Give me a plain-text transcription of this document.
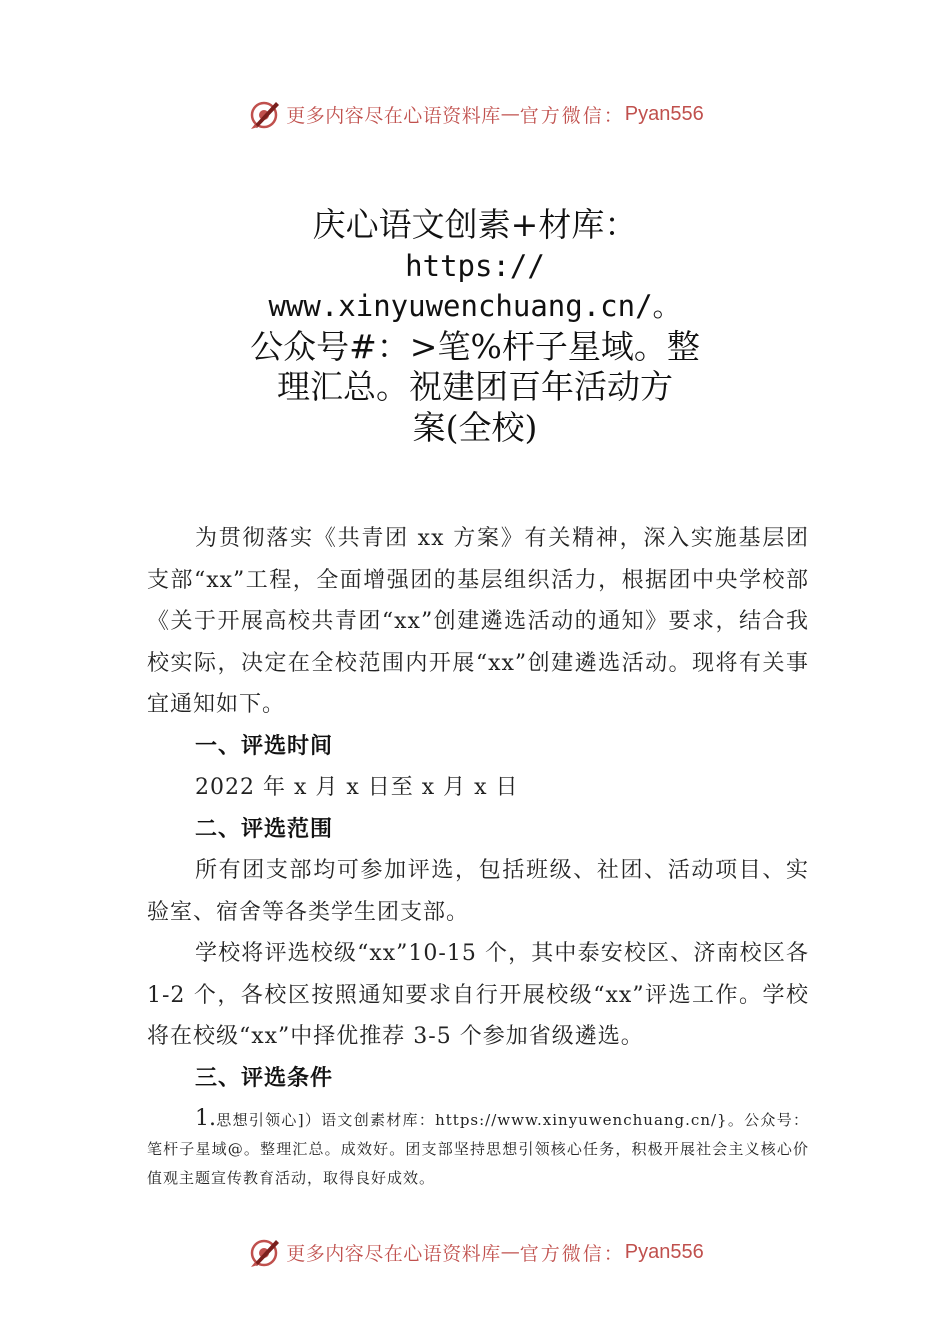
更多内容尽在心语资料库 — 官方微信： Pyan556
庆心语文创素+材库：
https://
www.xinyuwenchuang.cn/。
公众号#：>笔%杆子星域。整
理汇总。祝建团百年活动方
案(全校)

为贯彻落实《共青团 xx 方案》有关精神，深入实施基层团支部“xx”工程，全面增强团的基层组织活力，根据团中央学校部《关于开展高校共青团“xx”创建遴选活动的通知》要求，结合我校实际，决定在全校范围内开展“xx”创建遴选活动。现将有关事宜通知如下。

一、评选时间

2022 年 x 月 x 日至 x 月 x 日

二、评选范围

所有团支部均可参加评选，包括班级、社团、活动项目、实验室、宿舍等各类学生团支部。

学校将评选校级“xx”10-15 个，其中泰安校区、济南校区各 1-2 个，各校区按照通知要求自行开展校级“xx”评选工作。学校将在校级“xx”中择优推荐 3-5 个参加省级遴选。

三、评选条件

1.思想引领心]）语文创素材库：https://www.xinyuwenchuang.cn/}。公众号：笔杆子星域@。整理汇总。成效好。团支部坚持思想引领核心任务，积极开展社会主义核心价值观主题宣传教育活动，取得良好成效。
更多内容尽在心语资料库 — 官方微信： Pyan556
